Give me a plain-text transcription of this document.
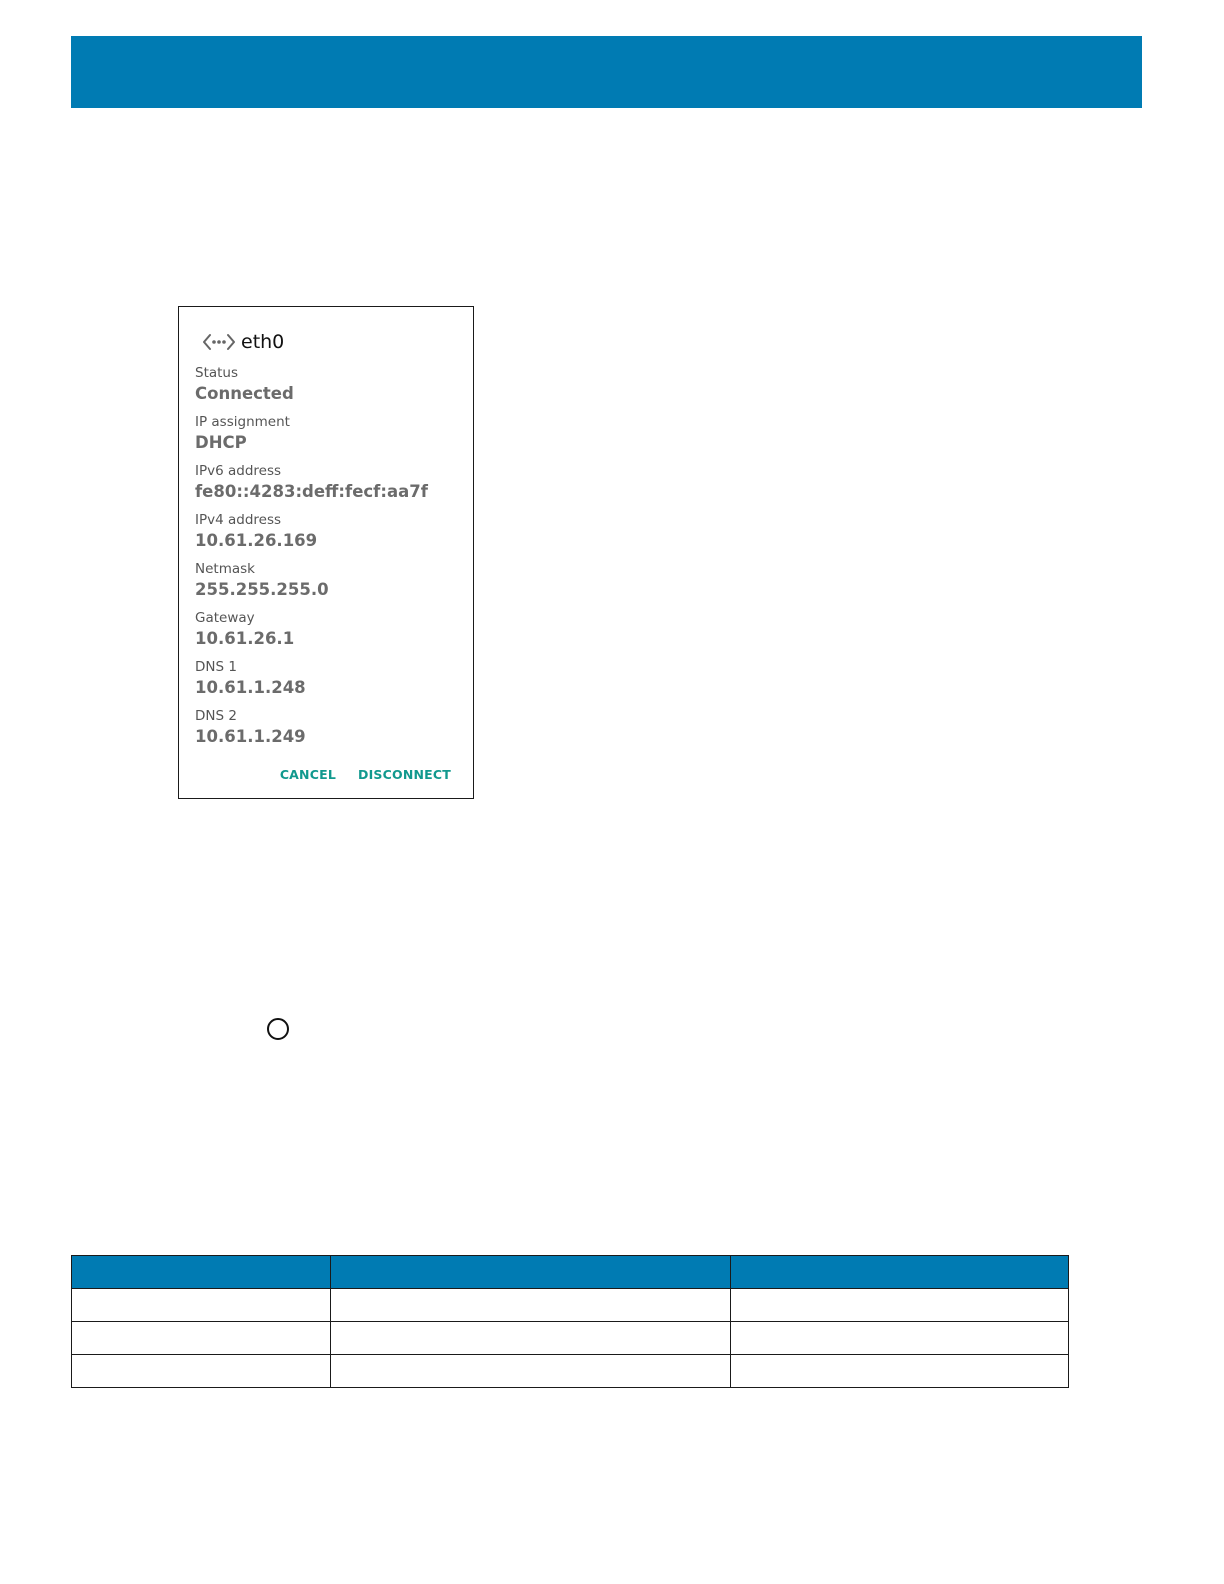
eth0
Status
Connected
IP assignment
DHCP
IPv6 address
fe80::4283:deff:fecf:aa7f
IPv4 address
10.61.26.169
Netmask
255.255.255.0
Gateway
10.61.26.1
DNS 1
10.61.1.248
DNS 2
10.61.1.249
CANCEL DISCONNECT
